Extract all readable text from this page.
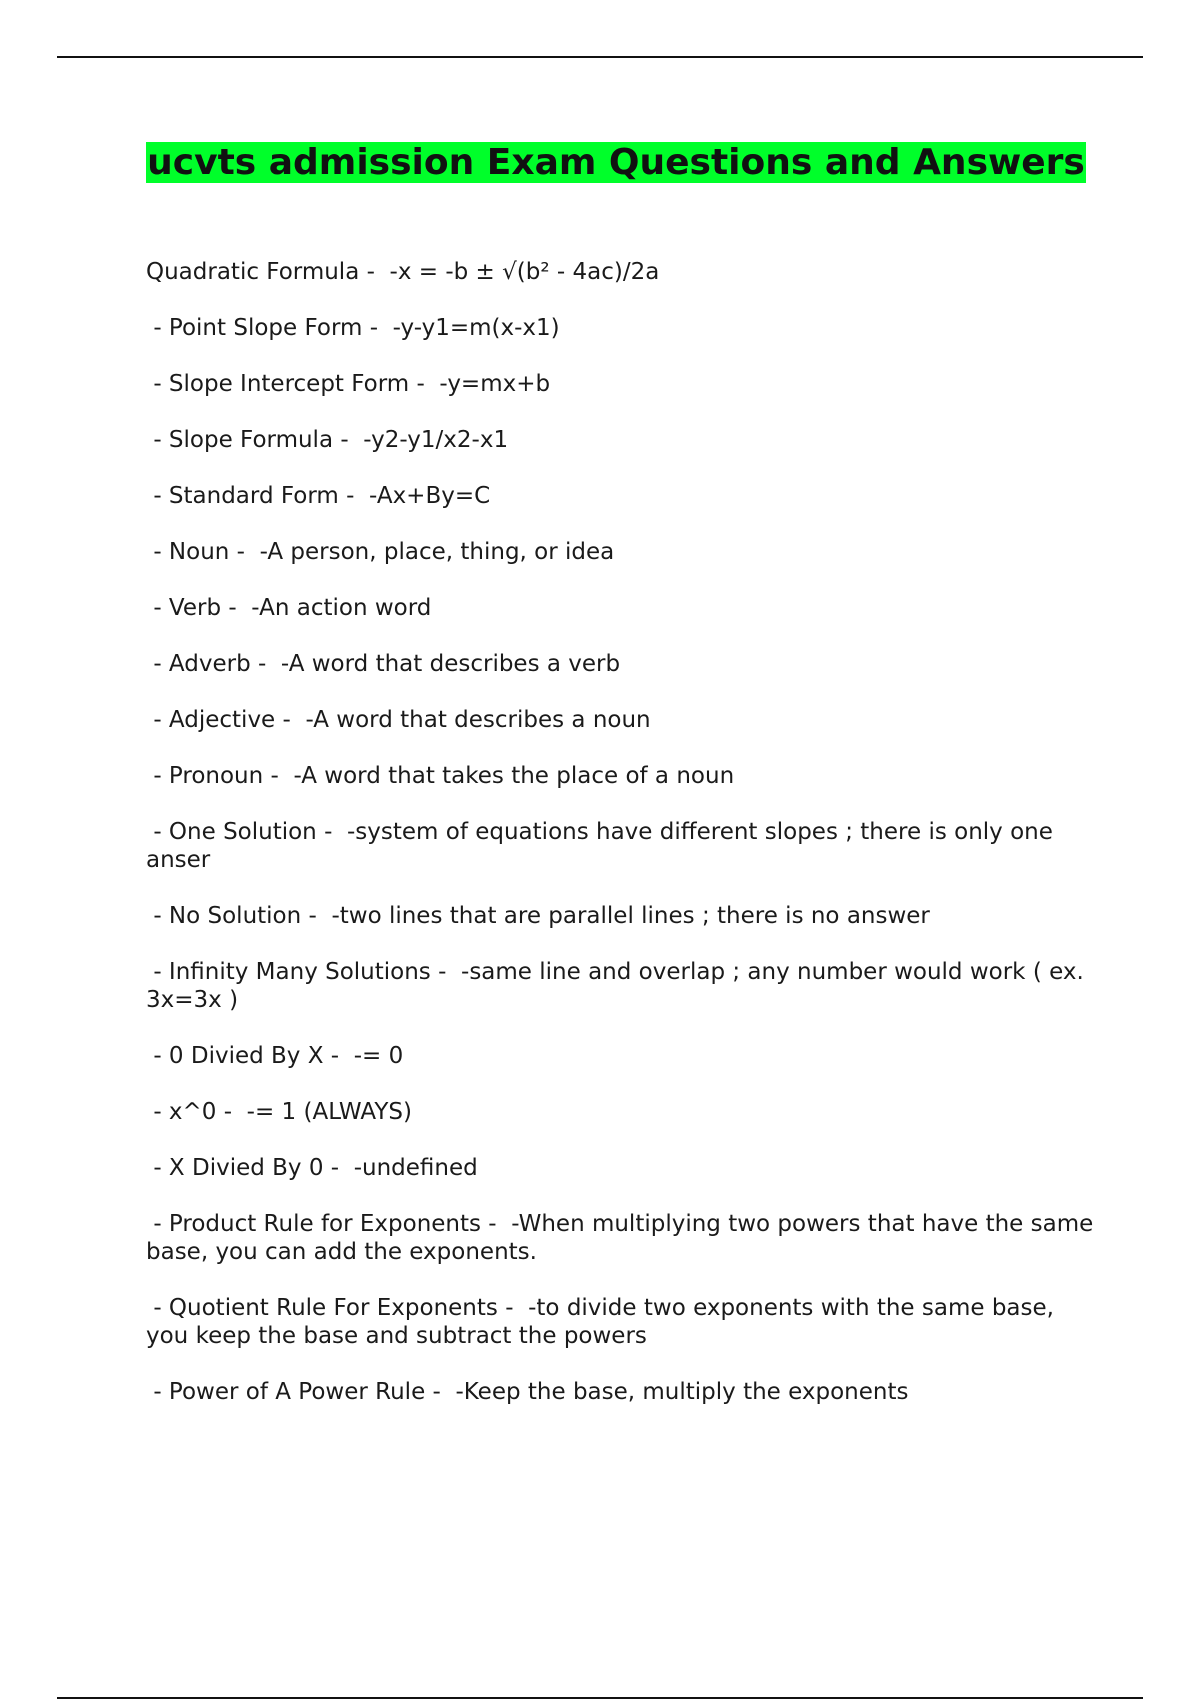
ucvts admission Exam Questions and Answers

Quadratic Formula -  -x = -b ± √(b² - 4ac)/2a

- Point Slope Form -  -y-y1=m(x-x1)

- Slope Intercept Form -  -y=mx+b

- Slope Formula -  -y2-y1/x2-x1

- Standard Form -  -Ax+By=C

- Noun -  -A person, place, thing, or idea

- Verb -  -An action word

- Adverb -  -A word that describes a verb

- Adjective -  -A word that describes a noun

- Pronoun -  -A word that takes the place of a noun

- One Solution -  -system of equations have different slopes ; there is only one anser

- No Solution -  -two lines that are parallel lines ; there is no answer

- Infinity Many Solutions -  -same line and overlap ; any number would work ( ex. 3x=3x )

- 0 Divied By X -  -= 0

- x^0 -  -= 1 (ALWAYS)

- X Divied By 0 -  -undefined

- Product Rule for Exponents -  -When multiplying two powers that have the same base, you can add the exponents.

- Quotient Rule For Exponents -  -to divide two exponents with the same base, you keep the base and subtract the powers

- Power of A Power Rule -  -Keep the base, multiply the exponents
